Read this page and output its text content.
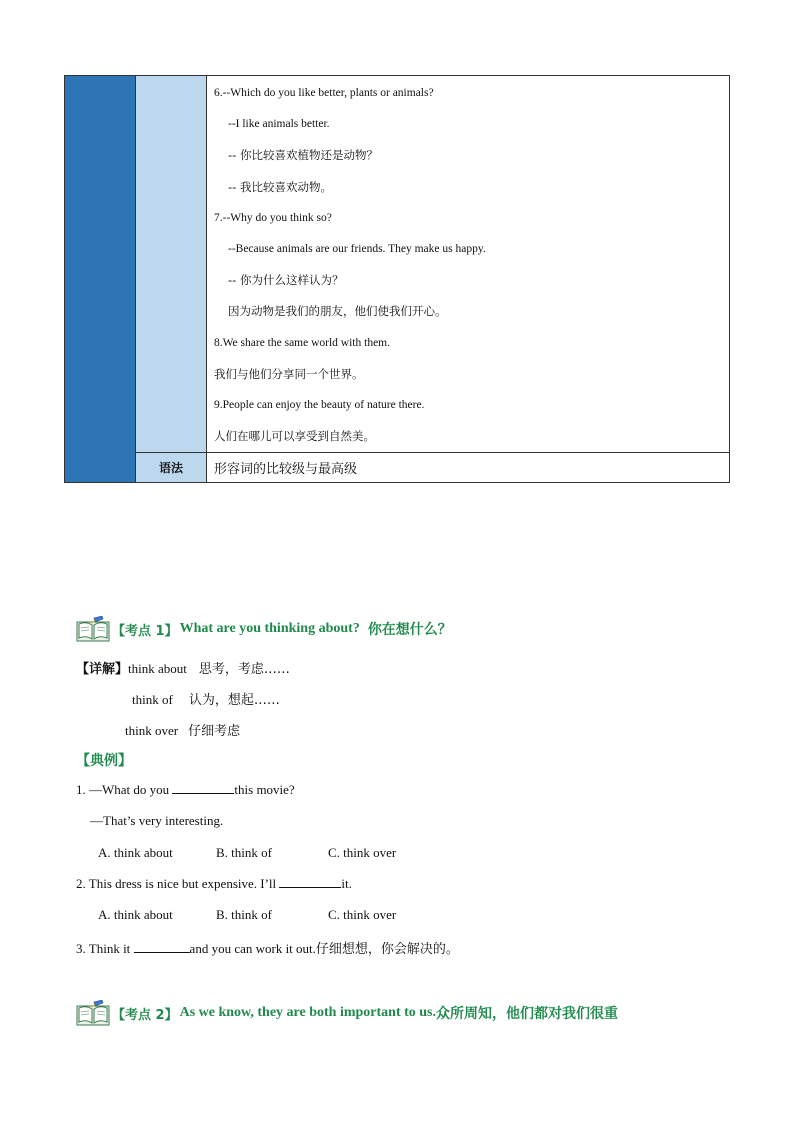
6.--Which do you like better, plants or animals?
--I like animals better.
-- 你比较喜欢植物还是动物？
-- 我比较喜欢动物。
7.--Why do you think so?
--Because animals are our friends. They make us happy.
-- 你为什么这样认为？
因为动物是我们的朋友，他们使我们开心。
8.We share the same world with them.
我们与他们分享同一个世界。
9.People can enjoy the beauty of nature there.
人们在哪儿可以享受到自然美。
语法	形容词的比较级与最高级
【考点 1】 What are you thinking about? 你在想什么？
【详解】think about 思考，考虑……
think of 认为，想起……
think over 仔细考虑
【典例】
1. —What do you	this movie?
—That’s very interesting.
A. think about	B. think of	C. think over
2. This dress is nice but expensive. I’ll	it.
A. think about	B. think of	C. think over
3. Think it	and you can work it out.仔细想想，你会解决的。
【考点 2】 As we know, they are both important to us. 众所周知，他们都对我们很重
